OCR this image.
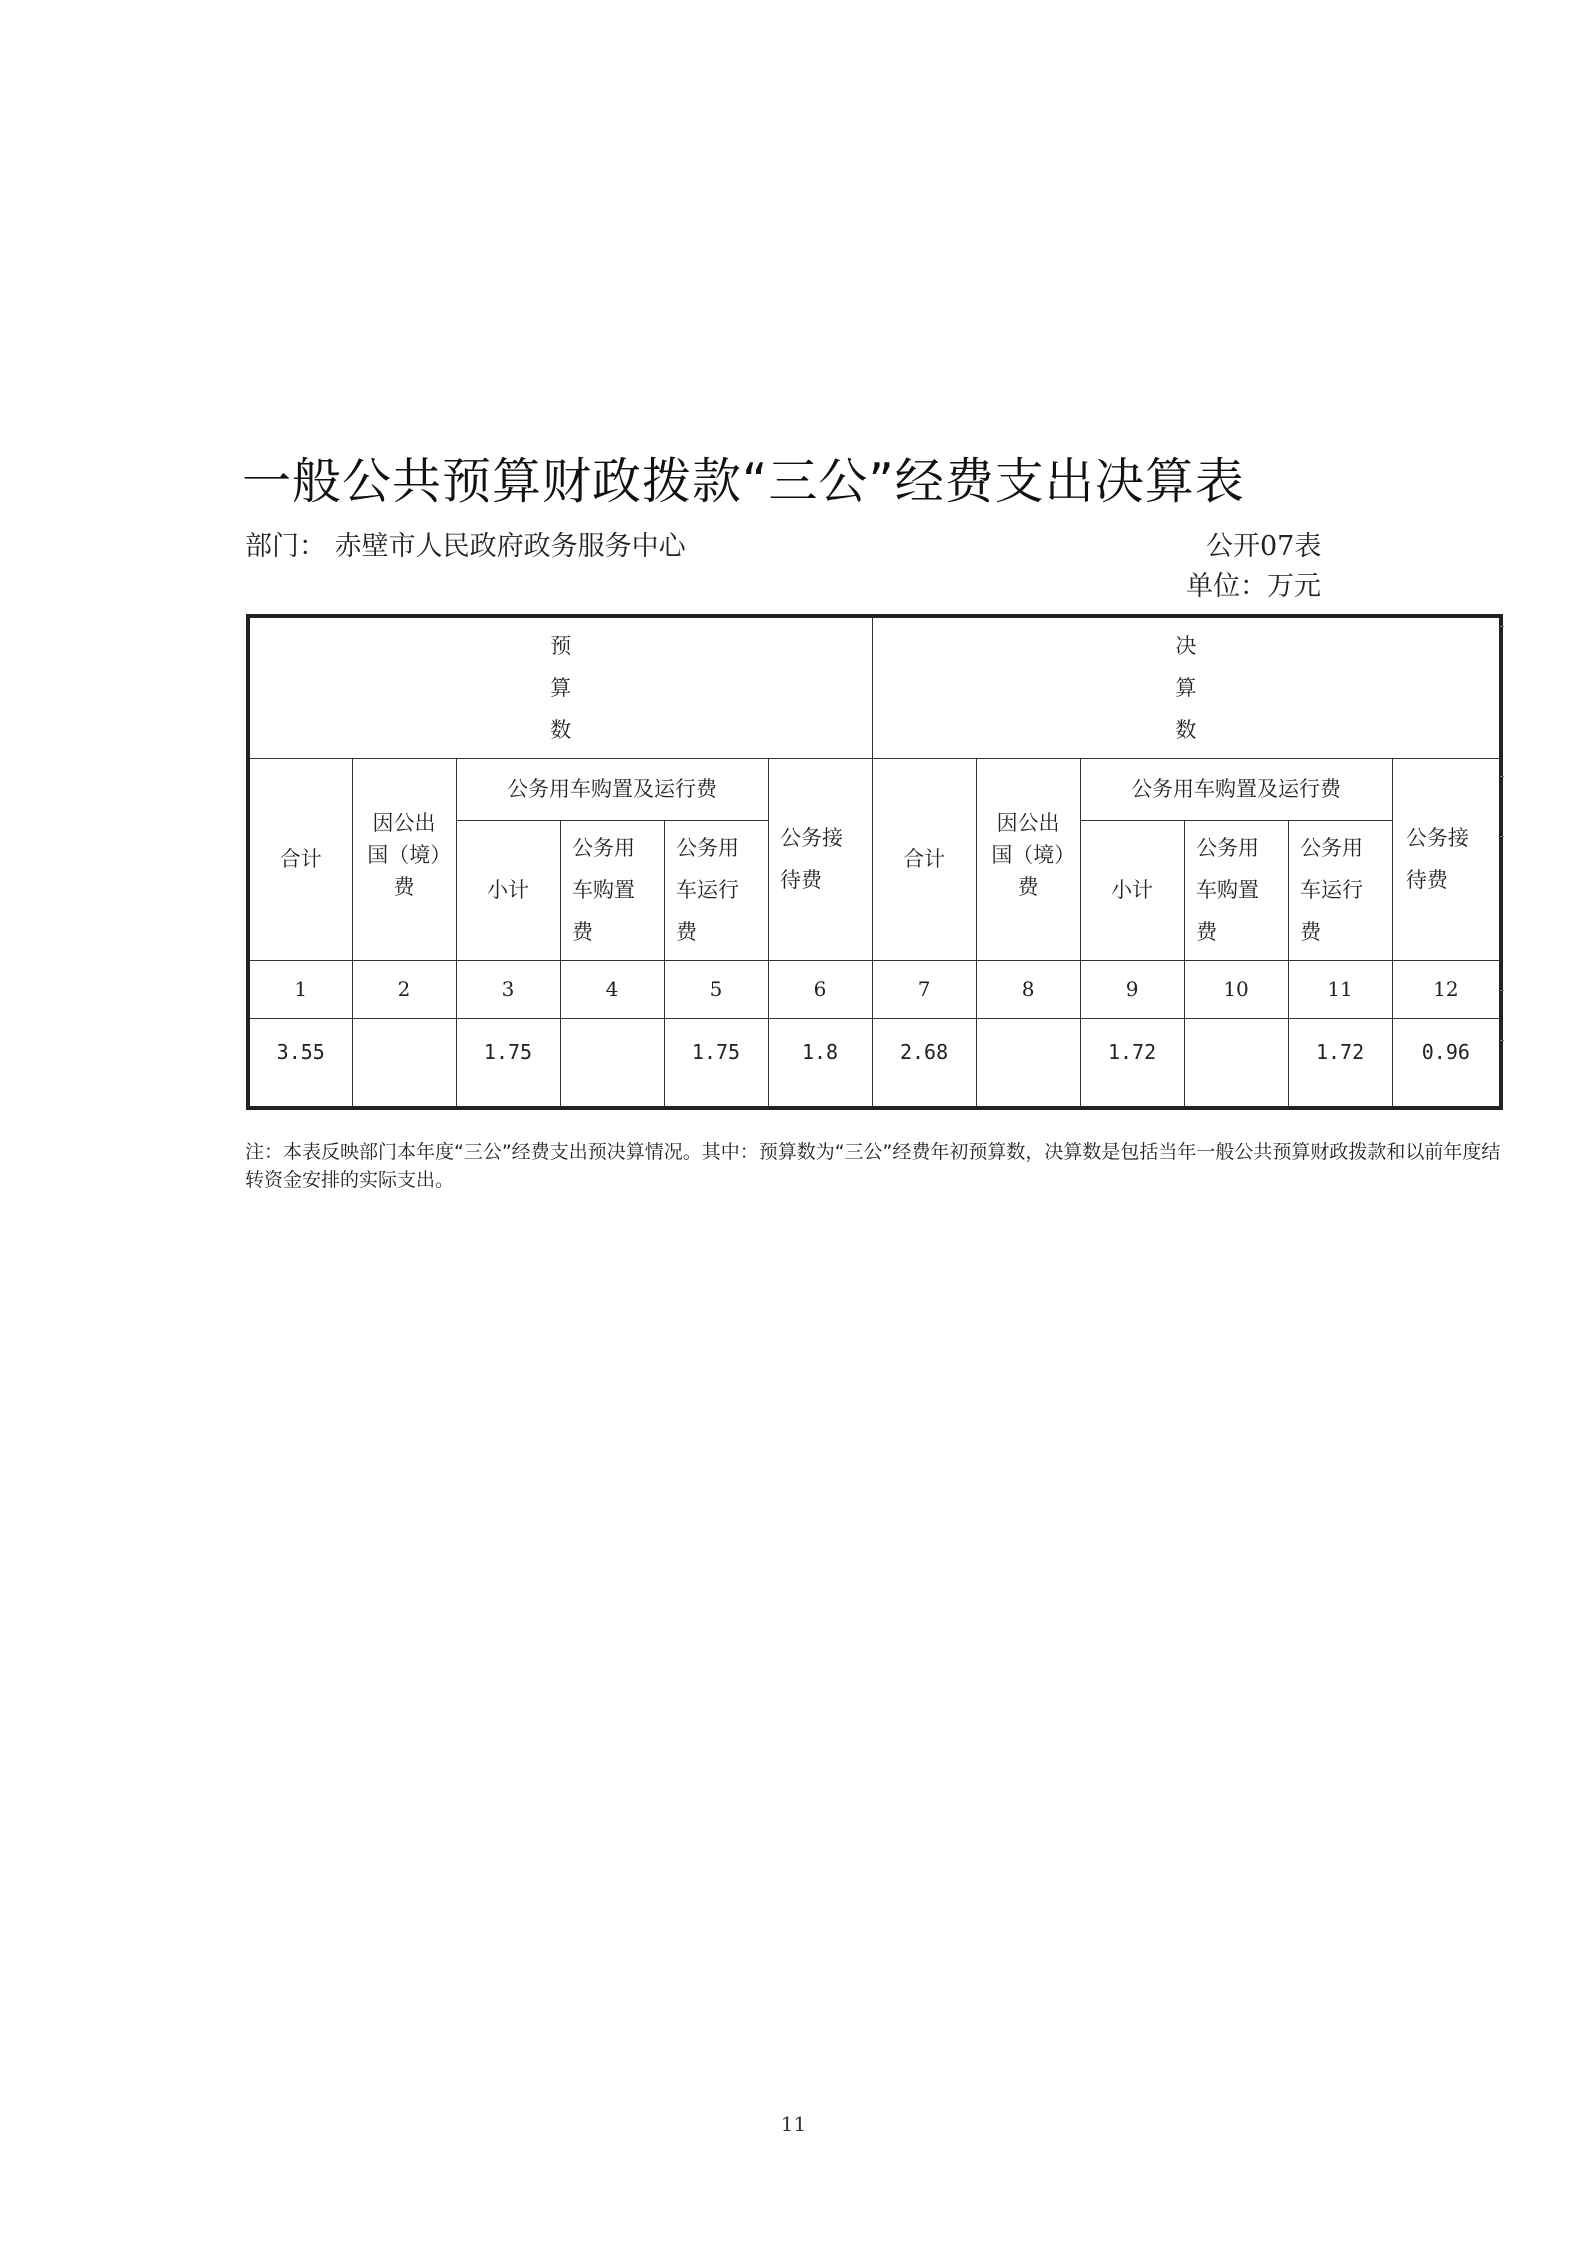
一般公共预算财政拨款“三公”经费支出决算表
部门： 赤壁市人民政府政务服务中心	公开07表
单位：万元
预算数						决算数					

合计	因公出国（境）费	公务用车购置及运行费			公务接待费	合计	因公出国（境）费	公务用车购置及运行费			公务接待费

		小计	公务用车购置费	公务用车运行费				小计	公务用车购置费	公务用车运行费	

1	2	3	4	5	6	7	8	9	10	11	12
3.55		1.75		1.75	1.8	2.68		1.72		1.72	0.96
注：本表反映部门本年度“三公”经费支出预决算情况。其中：预算数为“三公”经费年初预算数，决算数是包括当年一般公共预算财政拨款和以前年度结转资金安排的实际支出。
11
